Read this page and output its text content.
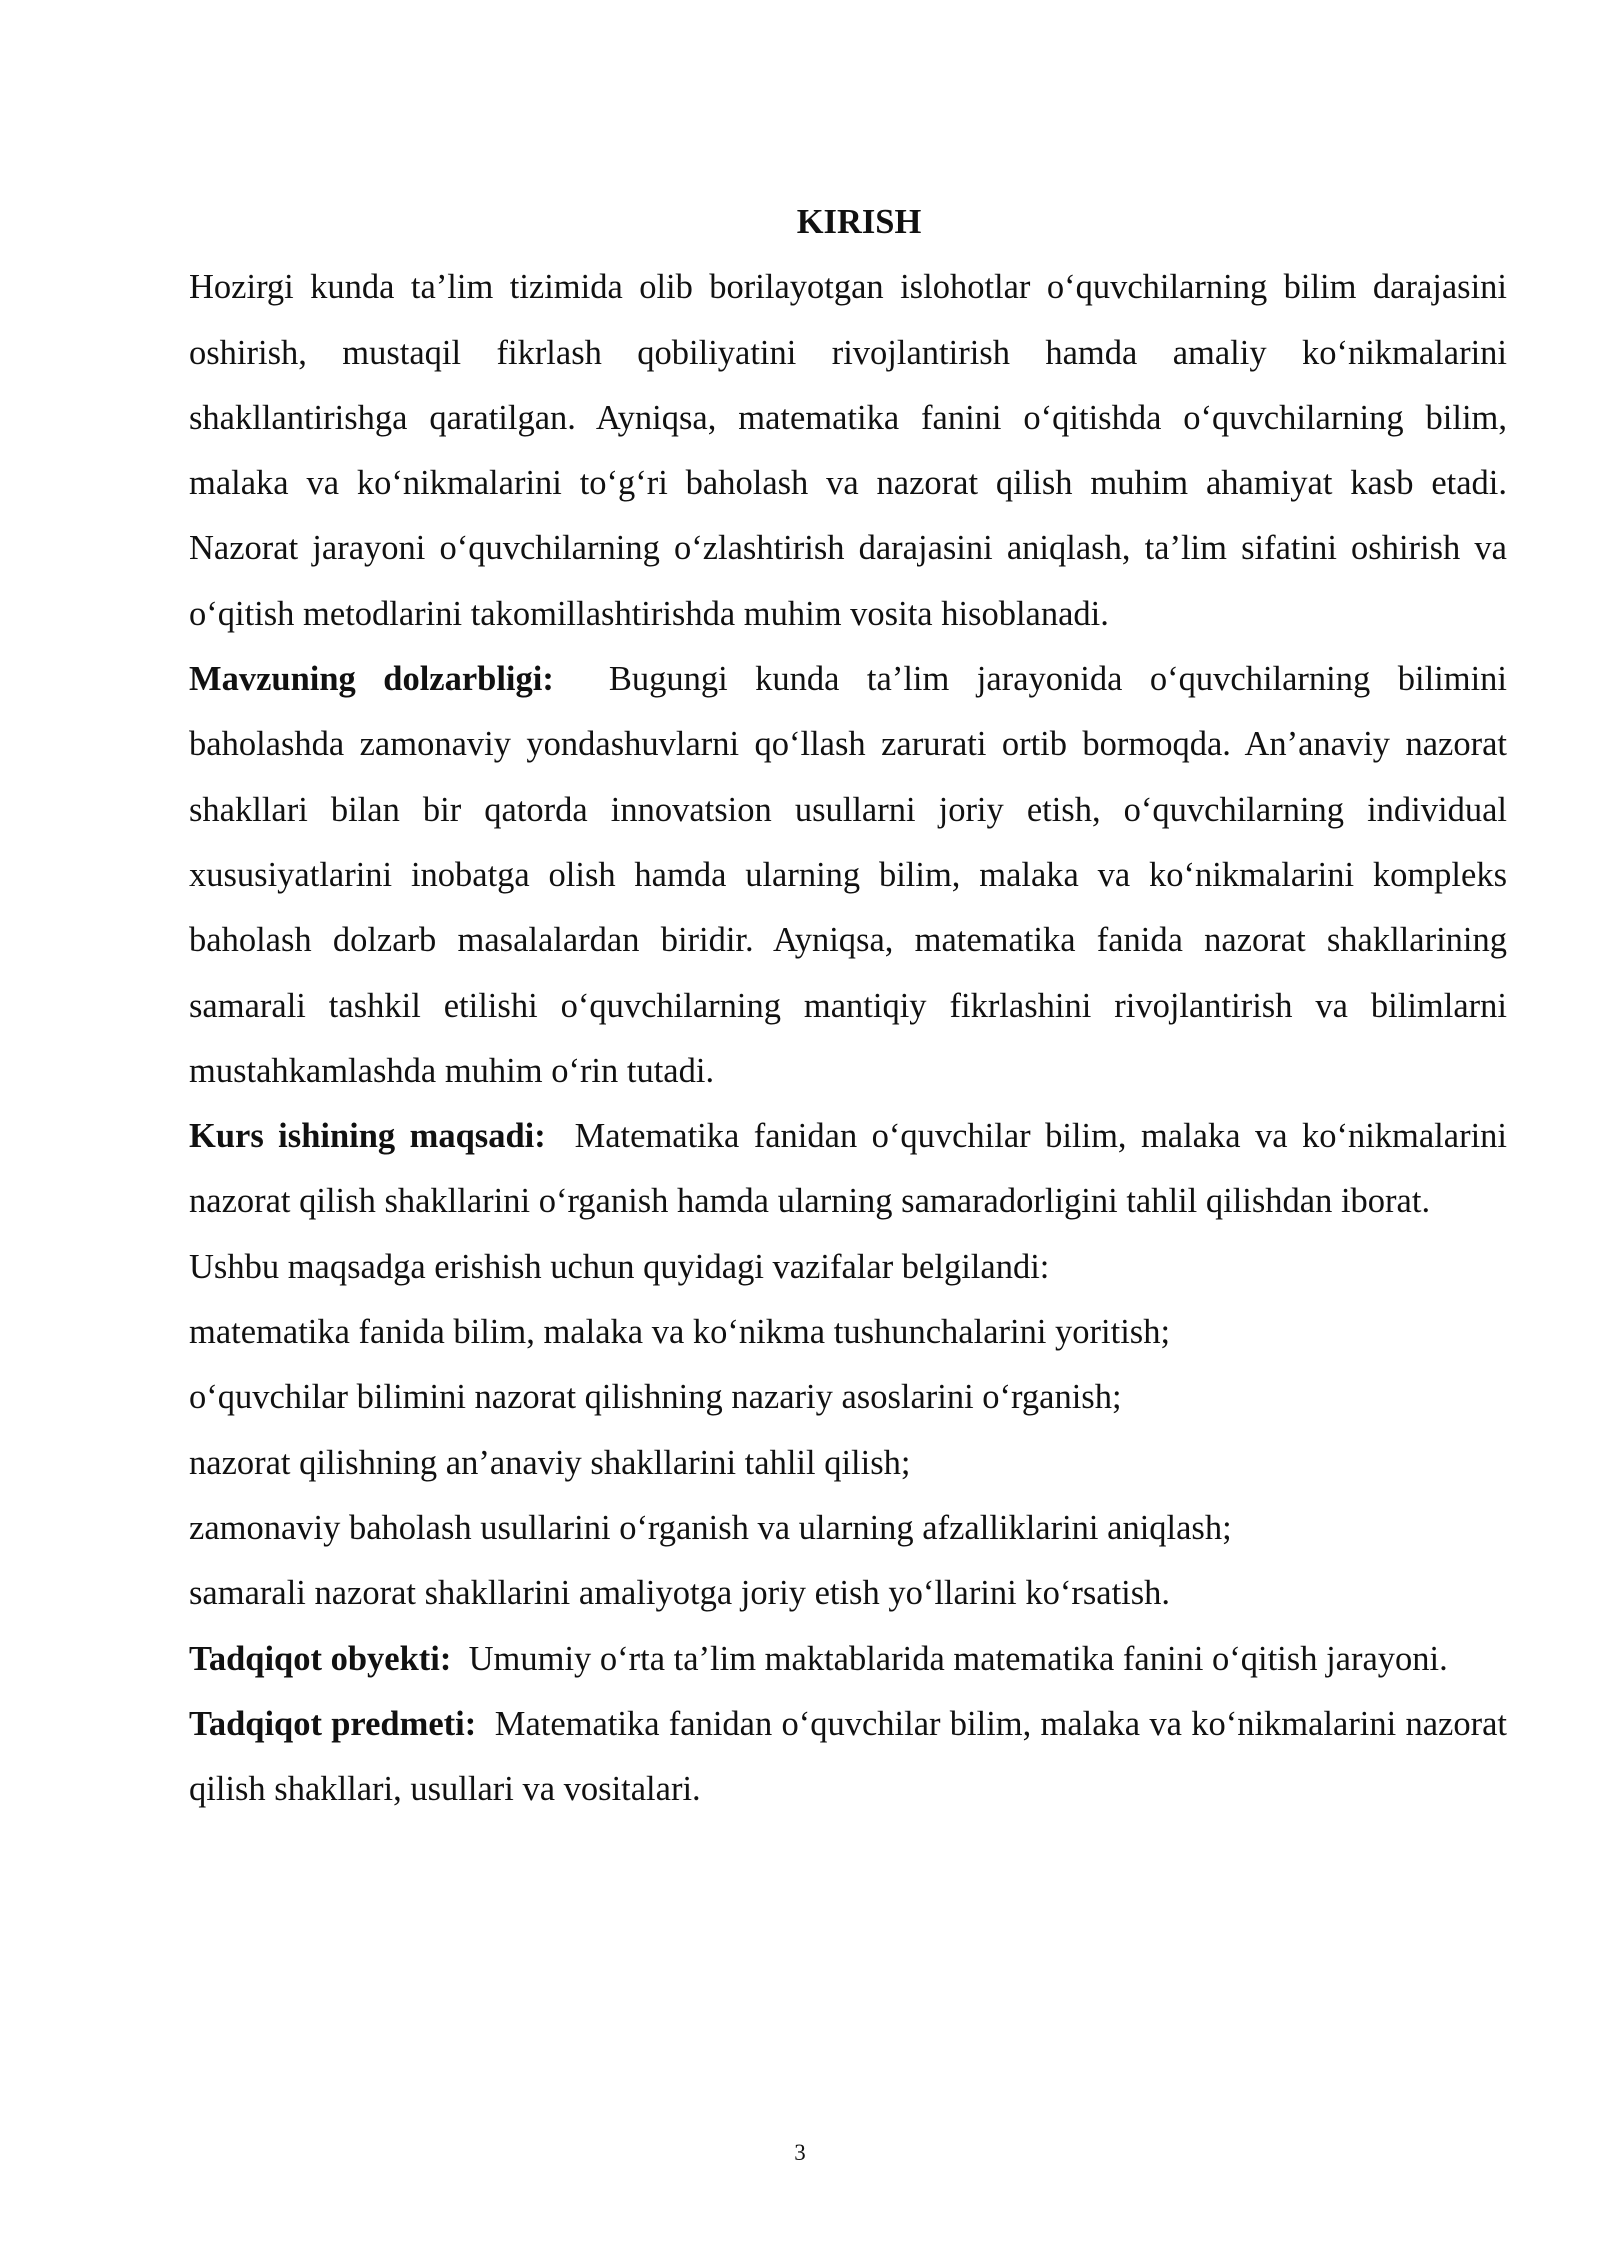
KIRISH

Hozirgi kunda ta’lim tizimida olib borilayotgan islohotlar o‘quvchilarning bilim darajasini oshirish, mustaqil fikrlash qobiliyatini rivojlantirish hamda amaliy ko‘nikmalarini shakllantirishga qaratilgan. Ayniqsa, matematika fanini o‘qitishda o‘quvchilarning bilim, malaka va ko‘nikmalarini to‘g‘ri baholash va nazorat qilish muhim ahamiyat kasb etadi. Nazorat jarayoni o‘quvchilarning o‘zlashtirish darajasini aniqlash, ta’lim sifatini oshirish va o‘qitish metodlarini takomillashtirishda muhim vosita hisoblanadi.

Mavzuning dolzarbligi: Bugungi kunda ta’lim jarayonida o‘quvchilarning bilimini baholashda zamonaviy yondashuvlarni qo‘llash zarurati ortib bormoqda. An’anaviy nazorat shakllari bilan bir qatorda innovatsion usullarni joriy etish, o‘quvchilarning individual xususiyatlarini inobatga olish hamda ularning bilim, malaka va ko‘nikmalarini kompleks baholash dolzarb masalalardan biridir. Ayniqsa, matematika fanida nazorat shakllarining samarali tashkil etilishi o‘quvchilarning mantiqiy fikrlashini rivojlantirish va bilimlarni mustahkamlashda muhim o‘rin tutadi.

Kurs ishining maqsadi: Matematika fanidan o‘quvchilar bilim, malaka va ko‘nikmalarini nazorat qilish shakllarini o‘rganish hamda ularning samaradorligini tahlil qilishdan iborat.

Ushbu maqsadga erishish uchun quyidagi vazifalar belgilandi:

matematika fanida bilim, malaka va ko‘nikma tushunchalarini yoritish;

o‘quvchilar bilimini nazorat qilishning nazariy asoslarini o‘rganish;

nazorat qilishning an’anaviy shakllarini tahlil qilish;

zamonaviy baholash usullarini o‘rganish va ularning afzalliklarini aniqlash;

samarali nazorat shakllarini amaliyotga joriy etish yo‘llarini ko‘rsatish.

Tadqiqot obyekti: Umumiy o‘rta ta’lim maktablarida matematika fanini o‘qitish jarayoni.

Tadqiqot predmeti: Matematika fanidan o‘quvchilar bilim, malaka va ko‘nikmalarini nazorat qilish shakllari, usullari va vositalari.

3
